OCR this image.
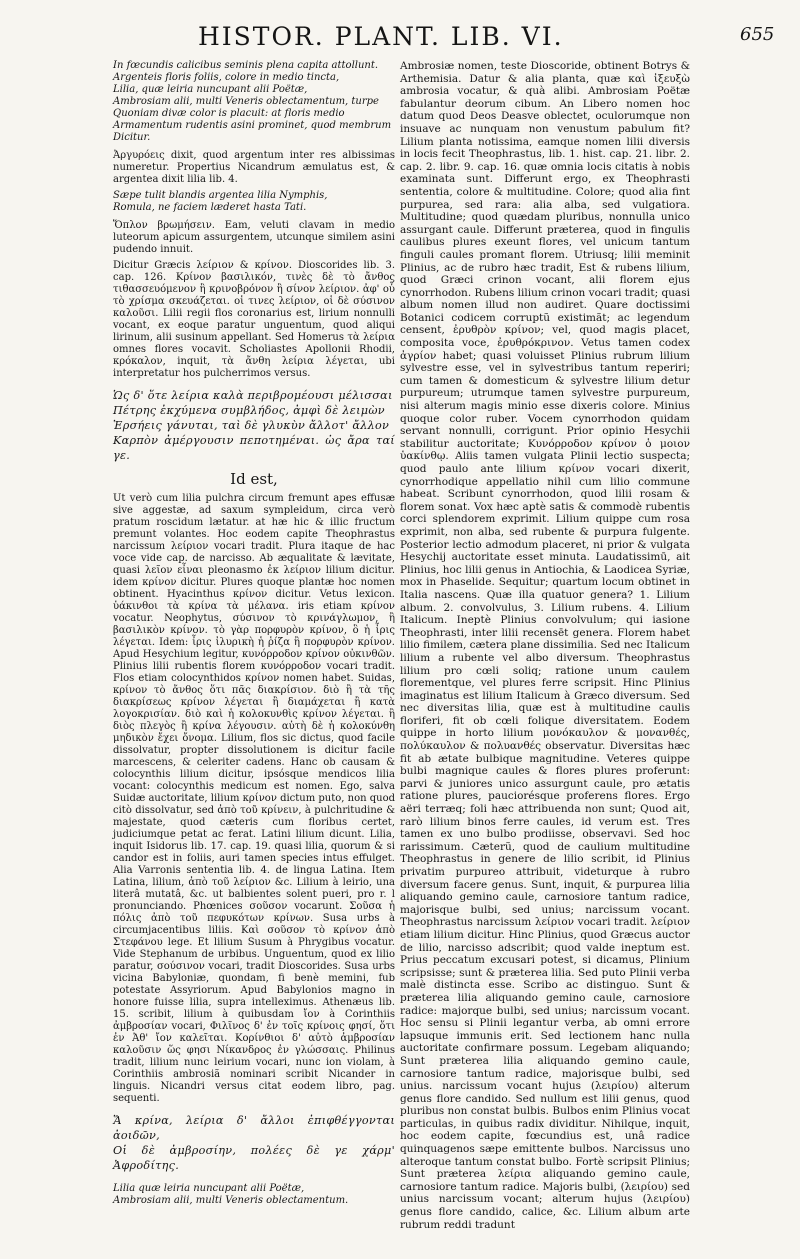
HISTOR. PLANT. LIB. VI.	655
In fœcundis calicibus seminis plena capita attollunt.
Argenteis floris foliis, colore in medio tincta,
Lilia, quæ leiria nuncupant alii Poëtæ,
Ambrosiam alii, multi Veneris oblectamentum, turpe
Quoniam divæ color is placuit: at floris medio
Armamentum rudentis asini prominet, quod membrum
Dicitur.

Ἀργυρόεις dixit, quod argentum inter res albissimas numeretur. Propertius Nicandrum æmulatus est, & argentea dixit lilia lib. 4.

Sæpe tulit blandis argentea lilia Nymphis,
Romula, ne faciem læderet hasta Tati.

Ὅπλον βρωμήσειν. Eam, veluti clavam in medio luteorum apicum assurgentem, utcunque similem asini pudendo innuit.

Dicitur Græcis λείριον & κρίνον. Dioscorides lib. 3. cap. 126. Κρίνον βασιλικόν, τινὲς δὲ τὸ ἄνθος τιθασσευόμενον ἢ κρινοβρόνον ἢ σίνον λείριον. ἀφ' οὗ τὸ χρίσμα σκευάζεται. οἱ τινες λείριον, οἱ δὲ σύσινον καλοῦσι. Lilii regii flos coronarius est, lirium nonnulli vocant, ex eoque paratur unguentum, quod aliqui lirinum, alii susinum appellant. Sed Homerus τὰ λείρια omnes flores vocavit. Scholiastes Apollonii Rhodii, κρόκαλον, inquit, τὰ ἄνθη λείρια λέγεται, ubi interpretatur hos pulcherrimos versus.

Ὡς δ' ὅτε λείρια καλὰ περιβρομέουσι μέλισσαι
Πέτρης ἐκχύμενα συμβλήδος, ἀμφὶ δὲ λειμὼν
Ἑρσήεις γάνυται, ταὶ δὲ γλυκὺν ἄλλοτ' ἄλλον
Καρπὸν ἀμέργουσιν πεποτημέναι. ὡς ἄρα ταί γε.
Id est,

Ut verò cum lilia pulchra circum fremunt apes effusæ sive aggestæ, ad saxum sympleidum, circa verò pratum roscidum lætatur. at hæ hic & illic fructum premunt volantes. Hoc eodem capite Theophrastus narcissum λείριον vocari tradit. Plura itaque de hac voce vide cap. de narcisso. Ab æqualitate & lævitate, quasi λεῖον εἶναι pleonasmo ἐκ λείριον lilium dicitur. idem κρίνον dicitur. Plures quoque plantæ hoc nomen obtinent. Hyacinthus κρίνον dicitur. Vetus lexicon. ὑάκινθοι τὰ κρίνα τὰ μέλανα. iris etiam κρίνον vocatur. Neophytus, σύσινον τὸ κρινάγλωμον, ἢ βασιλικὸν κρίνον. τὸ γὰρ πορφυρὸν κρίνον, ὃ ἡ ἶρις λέγεται. Idem: ἶρις ἰλυρικὴ ἡ ῥίζα ἢ πορφυρὸν κρίνον. Apud Hesychium legitur, κυνόρροδον κρίνον οὐκινθῶν. Plinius lilii rubentis florem κυνόρροδον vocari tradit. Flos etiam colocynthidos κρίνον nomen habet. Suidas, κρίνον τὸ ἄνθος ὅτι πᾶς διακρίσιον. διὸ ἢ τὰ τῆς διακρίσεως κρίνον λέγεται ἢ διαμάχεται ἢ κατὰ λογοκρισίαν. διὸ καὶ ἡ κολοκυνθὶς κρίνον λέγεται. ἢ διὸς πλεγὸς ἢ κρίνα λέγουσιν. αὐτὴ δὲ ἡ κολοκύνθη μηδικὸν ἔχει ὄνομα. Lilium, flos sic dictus, quod facile dissolvatur, propter dissolutionem is dicitur facile marcescens, & celeriter cadens. Hanc ob causam & colocynthis lilium dicitur, ipsósque mendicos lilia vocant: colocynthis medicum est nomen. Ego, salva Suidæ auctoritate, lilium κρίνον dictum puto, non quod citò dissolvatur, sed ἀπὸ τοῦ κρίνειν, à pulchritudine & majestate, quod cæteris cum floribus certet, judiciumque petat ac ferat. Latini lilium dicunt. Lilia, inquit Isidorus lib. 17. cap. 19. quasi lilia, quorum & si candor est in foliis, auri tamen species intus effulget. Alia Varronis sententia lib. 4. de lingua Latina. Item Latina, lilium, ἀπὸ τοῦ λείριον &c. Lilium à leirio, una literâ mutatâ, &c. ut balbientes solent pueri, pro r. l pronunciando. Phœnices σοῦσον vocarunt. Σοῦσα ἡ πόλις ἀπὸ τοῦ πεφυκότων κρίνων. Susa urbs à circumjacentibus liliis. Καὶ σοῦσον τὸ κρίνον ἀπὸ Στεφάνου lege. Et lilium Susum à Phrygibus vocatur. Vide Stephanum de urbibus. Unguentum, quod ex lilio paratur, σούσινον vocari, tradit Dioscorides. Susa urbs vicina Babyloniæ, quondam, fi benè memini, fub potestate Assyriorum. Apud Babylonios magno in honore fuisse lilia, supra intelleximus. Athenæus lib. 15. scribit, lilium à quibusdam ἴον à Corinthiis ἀμβροσίαν vocari, Φιλῖνος δ' ἐν τοῖς κρίνοις φησί, ὅτι ἐν Ἀθ' ἴον καλεῖται. Κορίνθιοι δ' αὐτὸ ἀμβροσίαν καλοῦσιν ὥς φησι Νίκανδρος ἐν γλώσσαις. Philinus tradit, lilium nunc leirium vocari, nunc ion violam, à Corinthiis ambrosiã nominari scribit Nicander in linguis. Nicandri versus citat eodem libro, pag. sequenti.

Ἅ κρίνα, λείρια δ' ἄλλοι ἐπιφθέγγονται ἀοιδῶν,
Οἱ δὲ ἀμβροσίην, πολέες δὲ γε χάρμ' Ἀφροδίτης.
Lilia quæ leiria nuncupant alii Poëtæ,
Ambrosiam alii, multi Veneris oblectamentum.

Ambrosiæ nomen, teste Dioscoride, obtinent Botrys & Arthemisia. Datur & alia planta, quæ καὶ ἰξευξὼ ambrosia vocatur, & quà alibi. Ambrosiam Poëtæ fabulantur deorum cibum. An Libero nomen hoc datum quod Deos Deasve oblectet, oculorumque non insuave ac nunquam non venustum pabulum fit? Lilium planta notissima, eamque nomen lilii diversis in locis fecit Theophrastus, lib. 1. hist. cap. 21. libr. 2. cap. 2. libr. 9. cap. 16. quæ omnia locis citatis à nobis examinata sunt. Differunt ergo, ex Theophrasti sententia, colore & multitudine. Colore; quod alia fint purpurea, sed rara: alia alba, sed vulgatiora. Multitudine; quod quædam pluribus, nonnulla unico assurgant caule. Differunt præterea, quod in fingulis caulibus plures exeunt flores, vel unicum tantum finguli caules promant florem. Utriusq; lilii meminit Plinius, ac de rubro hæc tradit, Est & rubens lilium, quod Græci crinon vocant, alii florem ejus cynorrhodon. Rubens lilium crinon vocari tradit; quasi album nomen illud non audiret. Quare doctissimi Botanici codicem corruptũ existimãt; ac legendum censent, ἐρυθρὸν κρίνον; vel, quod magis placet, composita voce, ἐρυθρόκρινον. Vetus tamen codex ἀγρίον habet; quasi voluisset Plinius rubrum lilium sylvestre esse, vel in sylvestribus tantum reperiri; cum tamen & domesticum & sylvestre lilium detur purpureum; utrumque tamen sylvestre purpureum, nisi alterum magis minio esse dixeris colore. Minius quoque color ruber. Vocem cynorrhodon quidam servant nonnulli, corrigunt. Prior opinio Hesychii stabilitur auctoritate; Κυνόρροδον κρίνον ὁ μοιον ὑακίνθῳ. Aliis tamen vulgata Plinii lectio suspecta; quod paulo ante lilium κρίνον vocari dixerit, cynorrhodique appellatio nihil cum lilio commune habeat. Scribunt cynorrhodon, quod lilii rosam & florem sonat. Vox hæc aptè satis & commodè rubentis corci splendorem exprimit. Lilium quippe cum rosa exprimit, non alba, sed rubente & purpura fulgente. Posterior lectio admodum placeret, ni prior & vulgata Hesychij auctoritate esset minuta. Laudatissimū, ait Plinius, hoc lilii genus in Antiochia, & Laodicea Syriæ, mox in Phaselide. Sequitur; quartum locum obtinet in Italia nascens. Quæ illa quatuor genera? 1. Lilium album. 2. convolvulus, 3. Lilium rubens. 4. Lilium Italicum. Ineptè Plinius convolvulum; qui iasione Theophrasti, inter lilii recensēt genera. Florem habet lilio fimilem, cætera plane dissimilia. Sed nec Italicum lilium a rubente vel albo diversum. Theophrastus lilium pro cœli soliq; ratione unum caulem florementque, vel plures ferre scripsit. Hinc Plinius imaginatus est lilium Italicum à Græco diversum. Sed nec diversitas lilia, quæ est à multitudine caulis floriferi, fit ob cœli folique diversitatem. Eodem quippe in horto lilium μονόκαυλον & μονανθές, πολύκαυλον & πολυανθές observatur. Diversitas hæc fit ab ætate bulbique magnitudine. Veteres quippe bulbi magnique caules & flores plures proferunt: parvi & juniores unico assurgunt caule, pro ætatis ratione plures, pauciorésque proferens flores. Ergo aëri terræq; foli hæc attribuenda non sunt; Quod ait, rarò lilium binos ferre caules, id verum est. Tres tamen ex uno bulbo prodiisse, observavi. Sed hoc rarissimum. Cæterũ, quod de caulium multitudine Theophrastus in genere de lilio scribit, id Plinius privatim purpureo attribuit, videturque à rubro diversum facere genus. Sunt, inquit, & purpurea lilia aliquando gemino caule, carnosiore tantum radice, majorisque bulbi, sed unius; narcissum vocant. Theophrastus narcissum λείριον vocari tradit. λείριον etiam lilium dicitur. Hinc Plinius, quod Græcus auctor de lilio, narcisso adscribit; quod valde ineptum est. Prius peccatum excusari potest, si dicamus, Plinium scripsisse; sunt & præterea lilia. Sed puto Plinii verba malè distincta esse. Scribo ac distinguo. Sunt & præterea lilia aliquando gemino caule, carnosiore radice: majorque bulbi, sed unius; narcissum vocant. Hoc sensu si Plinii legantur verba, ab omni errore lapsuque immunis erit. Sed lectionem hanc nulla auctoritate confirmare possum. Legebam aliquando; Sunt præterea lilia aliquando gemino caule, carnosiore tantum radice, majorisque bulbi, sed unius. narcissum vocant hujus (λειρίου) alterum genus flore candido. Sed nullum est lilii genus, quod pluribus non constat bulbis. Bulbos enim Plinius vocat particulas, in quibus radix dividitur. Nihilque, inquit, hoc eodem capite, fœcundius est, unâ radice quinquagenos sæpe emittente bulbos. Narcissus uno alteroque tantum constat bulbo. Fortè scripsit Plinius; Sunt præterea λείρια aliquando gemino caule, carnosiore tantum radice. Majoris bulbi, (λειρίου) sed unius narcissum vocant; alterum hujus (λειρίου) genus flore candido, calice, &c. Lilium album arte rubrum reddi tradunt
